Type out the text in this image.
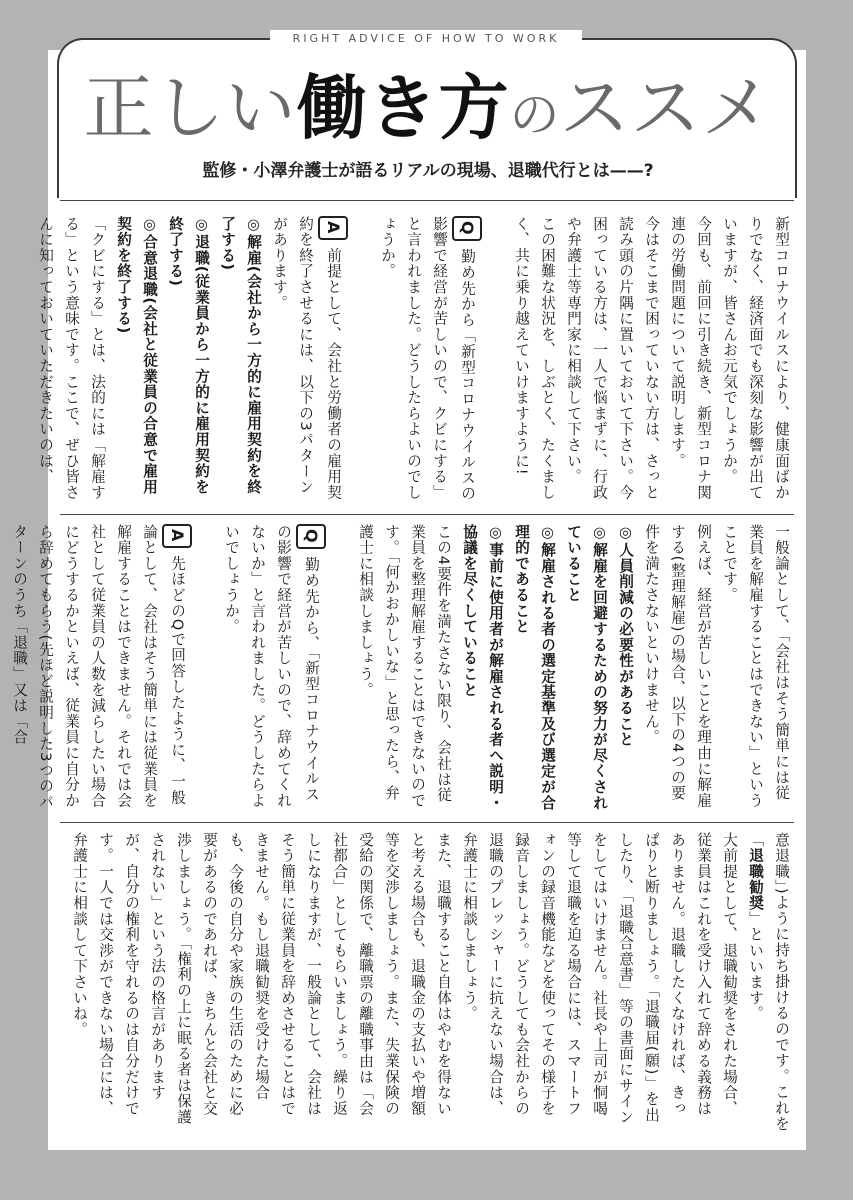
RIGHT ADVICE OF HOW TO WORK
正しい 働き方 の ススメ
監修・小澤弁護士が語るリアルの現場、退職代行とは——?

新型コロナウイルスにより、健康面ばかりでなく、経済面でも深刻な影響が出ていますが、皆さんお元気でしょうか。

今回も、前回に引き続き、新型コロナ関連の労働問題について説明します。

今はそこまで困っていない方は、さっと読み頭の片隅に置いておいて下さい。今困っている方は、一人で悩まずに、行政や弁護士等専門家に相談して下さい。

この困難な状況を、しぶとく、たくましく、共に乗り越えていけますように!

Q勤め先から「新型コロナウイルスの影響で経営が苦しいので、クビにする」と言われました。どうしたらよいのでしょうか。

A前提として、会社と労働者の雇用契約を終了させるには、以下の3パターンがあります。

◎解雇(会社から一方的に雇用契約を終了する)

◎退職(従業員から一方的に雇用契約を終了する)

◎合意退職(会社と従業員の合意で雇用契約を終了する)

「クビにする」とは、法的には「解雇する」という意味です。ここで、ぜひ皆さんに知っておいていただきたいのは、

一般論として、「会社はそう簡単には従業員を解雇することはできない」ということです。

例えば、経営が苦しいことを理由に解雇する(整理解雇)の場合、以下の4つの要件を満たさないといけません。

◎人員削減の必要性があること

◎解雇を回避するための努力が尽くされていること

◎解雇される者の選定基準及び選定が合理的であること

◎事前に使用者が解雇される者へ説明・協議を尽くしていること

この4要件を満たさない限り、会社は従業員を整理解雇することはできないのです。「何かおかしいな」と思ったら、弁護士に相談しましょう。

Q勤め先から、「新型コロナウイルスの影響で経営が苦しいので、辞めてくれないか」と言われました。どうしたらよいでしょうか。

A先ほどのQで回答したように、一般論として、会社はそう簡単には従業員を解雇することはできません。それでは会社として従業員の人数を減らしたい場合にどうするかといえば、従業員に自分から辞めてもらう(先ほど説明した3つのパターンのうち「退職」又は「合

意退職」)ように持ち掛けるのです。これを「退職勧奨」といいます。

大前提として、退職勧奨をされた場合、従業員はこれを受け入れて辞める義務はありません。退職したくなければ、きっぱりと断りましょう。「退職届(願)」を出したり、「退職合意書」等の書面にサインをしてはいけません。社長や上司が恫喝等して退職を迫る場合には、スマートフォンの録音機能などを使ってその様子を録音しましょう。どうしても会社からの退職のプレッシャーに抗えない場合は、弁護士に相談しましょう。

また、退職すること自体はやむを得ないと考える場合も、退職金の支払いや増額等を交渉しましょう。また、失業保険の受給の関係で、離職票の離職事由は「会社都合」としてもらいましょう。繰り返しになりますが、一般論として、会社はそう簡単に従業員を辞めさせることはできません。もし退職勧奨を受けた場合も、今後の自分や家族の生活のために必要があるのであれば、きちんと会社と交渉しましょう。「権利の上に眠る者は保護されない」という法の格言がありますが、自分の権利を守れるのは自分だけです。一人では交渉ができない場合には、弁護士に相談して下さいね。
